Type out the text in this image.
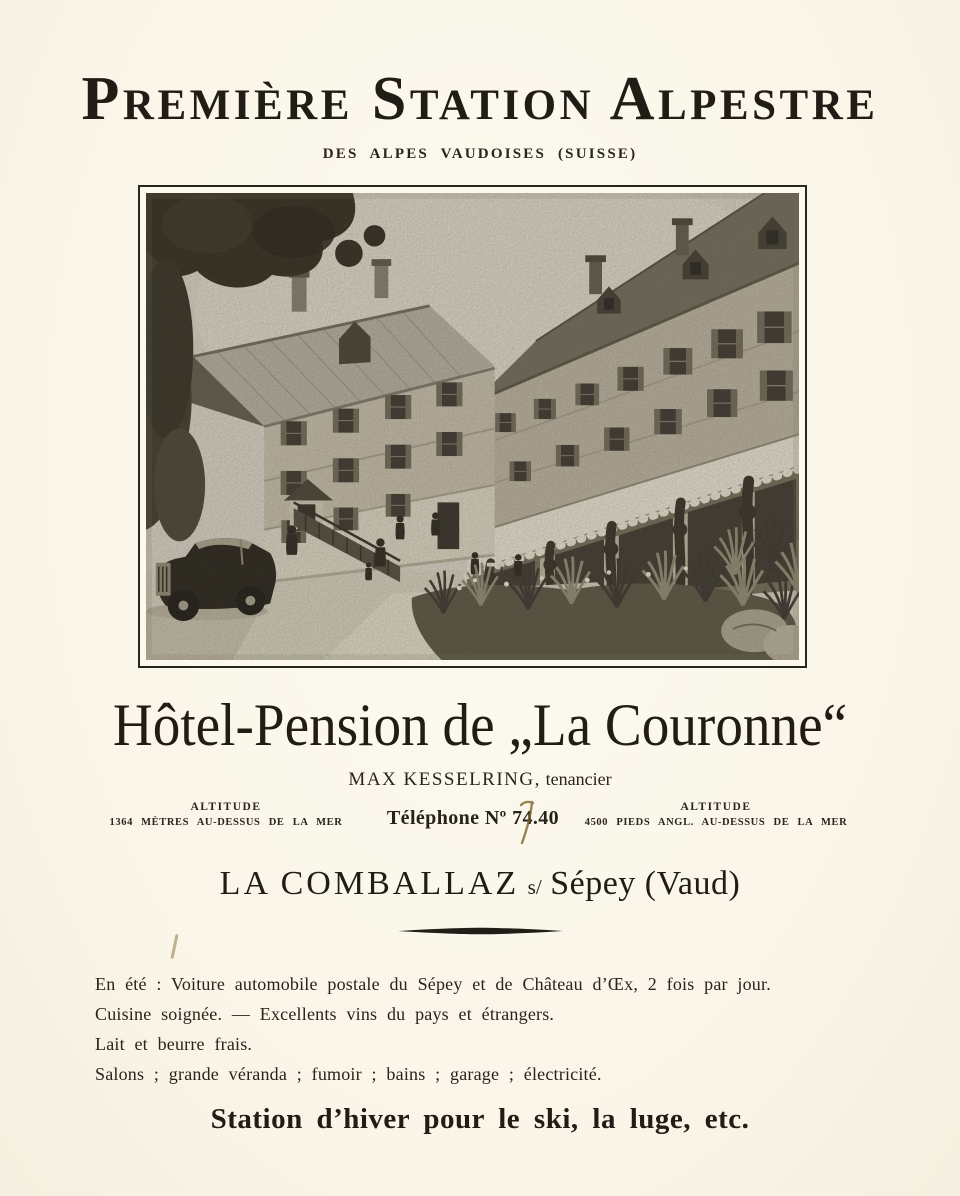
Première Station Alpestre
DES ALPES VAUDOISES (SUISSE)
Hôtel-Pension de „La Couronne“
MAX KESSELRING, tenancier
ALTITUDE
1364 MÈTRES AU-DESSUS DE LA MER	Téléphone Nº 74.40	ALTITUDE
4500 PIEDS ANGL. AU-DESSUS DE LA MER
LA COMBALLAZ s/ Sépey (Vaud)

En été : Voiture automobile postale du Sépey et de Château d’Œx, 2 fois par jour.

Cuisine soignée. — Excellents vins du pays et étrangers.

Lait et beurre frais.

Salons ; grande véranda ; fumoir ; bains ; garage ; électricité.

Station d’hiver pour le ski, la luge, etc.
